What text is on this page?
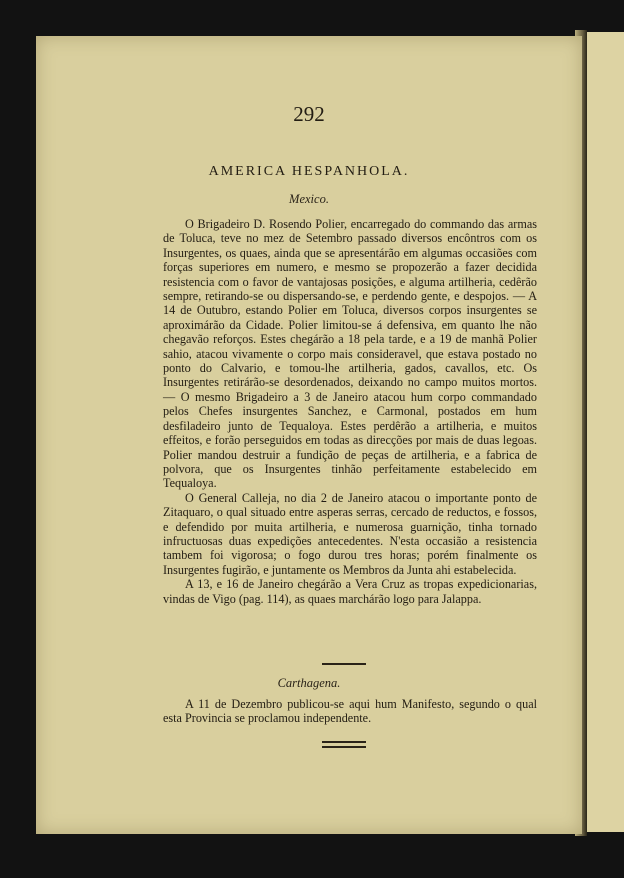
292
AMERICA HESPANHOLA.
Mexico.

O Brigadeiro D. Rosendo Polier, encarregado do commando das armas de Toluca, teve no mez de Setembro passado diversos encôntros com os Insurgentes, os quaes, ainda que se apresentárão em algumas occasiões com forças superiores em numero, e mesmo se propozerão a fazer decidida resistencia com o favor de vantajosas posições, e alguma artilheria, cedêrão sempre, retirando-se ou dispersando-se, e perdendo gente, e despojos. — A 14 de Outubro, estando Polier em Toluca, diversos corpos insurgentes se aproximárão da Cidade. Polier limitou-se á defensiva, em quanto lhe não chegavão reforços. Estes chegárão a 18 pela tarde, e a 19 de manhã Polier sahio, atacou vivamente o corpo mais consideravel, que estava postado no ponto do Calvario, e tomou-lhe artilheria, gados, cavallos, etc. Os Insurgentes retirárão-se desordenados, deixando no campo muitos mortos. — O mesmo Brigadeiro a 3 de Janeiro atacou hum corpo commandado pelos Chefes insurgentes Sanchez, e Carmonal, postados em hum desfiladeiro junto de Tequaloya. Estes perdêrão a artilheria, e muitos effeitos, e forão perseguidos em todas as direcções por mais de duas legoas. Polier mandou destruir a fundição de peças de artilheria, e a fabrica de polvora, que os Insurgentes tinhão perfeitamente estabelecido em Tequaloya.

O General Calleja, no dia 2 de Janeiro atacou o importante ponto de Zitaquaro, o qual situado entre asperas serras, cercado de reductos, e fossos, e defendido por muita artilheria, e numerosa guarnição, tinha tornado infructuosas duas expedições antecedentes. N'esta occasião a resistencia tambem foi vigorosa; o fogo durou tres horas; porém finalmente os Insurgentes fugirão, e juntamente os Membros da Junta ahi estabelecida.

A 13, e 16 de Janeiro chegárão a Vera Cruz as tropas expedicionarias, vindas de Vigo (pag. 114), as quaes marchárão logo para Jalappa.

Carthagena.

A 11 de Dezembro publicou-se aqui hum Manifesto, segundo o qual esta Provincia se proclamou independente.
